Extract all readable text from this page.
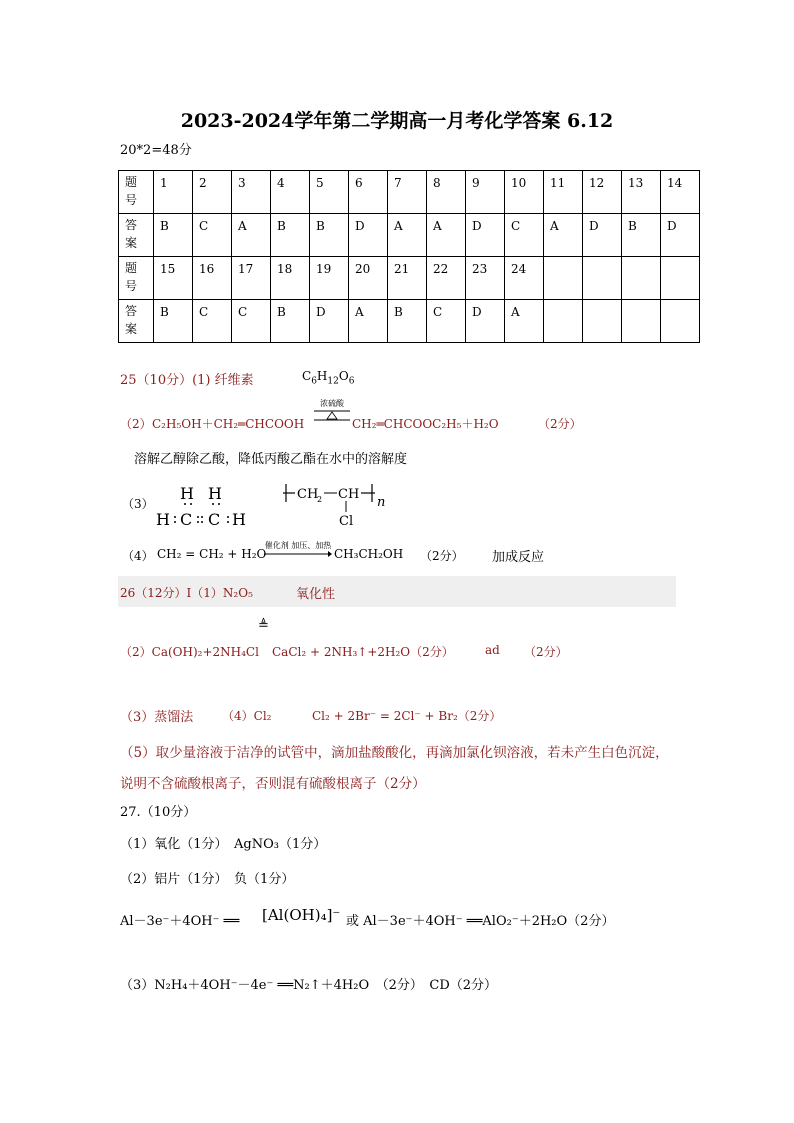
2023-2024学年第二学期高一月考化学答案 6.12
20*2=48分
题
号	1	2	3	4	5	6	7	8	9	10	11	12	13	14

答
案	B	C	A	B	B	D	A	A	D	C	A	D	B	D

题
号	15	16	17	18	19	20	21	22	23	24				

答
案	B	C	C	B	D	A	B	C	D	A				
25（10分）(1) 纤维素	$C_6H_{12}O_6$
（2） C₂H₅OH＋CH₂═CHCOOH
浓硫酸
⇌ CH₂═CHCOOC₂H₅＋H₂O	（2分）
溶解乙醇除乙酸，降低丙酸乙酯在水中的溶解度
（3）
H H
H C C H
CH
2 CH
Cl
n
（4） CH₂ = CH₂ + H₂O
催化剂 加压、加热
CH₃CH₂OH （2分） 加成反应
26（12分）I（1）N₂O₅	氧化性
≜
（2）Ca(OH)₂+2NH₄Cl CaCl₂ + 2NH₃↑+2H₂O（2分）	ad （2分）
（3）蒸馏法 （4）Cl₂	Cl₂ + 2Br⁻ = 2Cl⁻ + Br₂（2分）
（5）取少量溶液于洁净的试管中，滴加盐酸酸化，再滴加氯化钡溶液，若未产生白色沉淀，
说明不含硫酸根离子，否则混有硫酸根离子（2分）
27.（10分）
（1）氧化（1分）　AgNO₃（1分）
（2）铝片（1分）　负（1分）
Al－3e⁻＋4OH⁻ ══ [Al(OH)₄]⁻ 或 Al－3e⁻＋4OH⁻ ══AlO₂⁻＋2H₂O（2分）
（3）N₂H₄＋4OH⁻－4e⁻ ══N₂↑＋4H₂O　（2分）　CD（2分）
